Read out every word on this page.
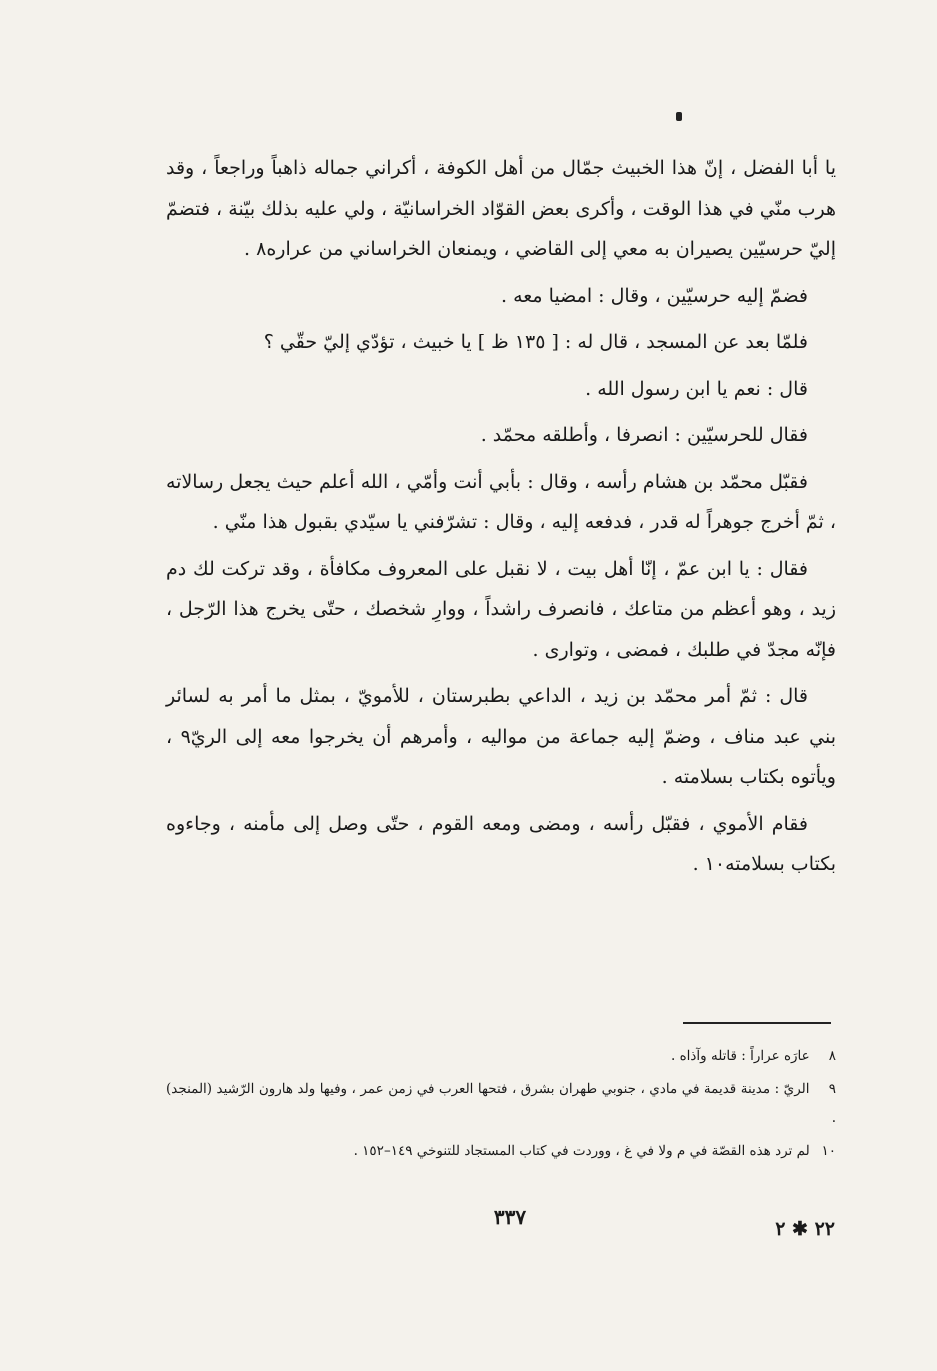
يا أبا الفضل ، إنّ هذا الخبيث جمّال من أهل الكوفة ، أكراني جماله ذاهباً وراجعاً ، وقد هرب منّي في هذا الوقت ، وأكرى بعض القوّاد الخراسانيّة ، ولي عليه بذلك بيّنة ، فتضمّ إليّ حرسيّين يصيران به معي إلى القاضي ، ويمنعان الخراساني من عراره٨ .

فضمّ إليه حرسيّين ، وقال : امضيا معه .

فلمّا بعد عن المسجد ، قال له : [ ١٣٥ ظ ] يا خبيث ، تؤدّي إليّ حقّي ؟

قال : نعم يا ابن رسول الله .

فقال للحرسيّين : انصرفا ، وأطلقه محمّد .

فقبّل محمّد بن هشام رأسه ، وقال : بأبي أنت وأمّي ، الله أعلم حيث يجعل رسالاته ، ثمّ أخرج جوهراً له قدر ، فدفعه إليه ، وقال : تشرّفني يا سيّدي بقبول هذا منّي .

فقال : يا ابن عمّ ، إنّا أهل بيت ، لا نقبل على المعروف مكافأة ، وقد تركت لك دم زيد ، وهو أعظم من متاعك ، فانصرف راشداً ، ووارِ شخصك ، حتّى يخرج هذا الرّجل ، فإنّه مجدّ في طلبك ، فمضى ، وتوارى .

قال : ثمّ أمر محمّد بن زيد ، الداعي بطبرستان ، للأمويّ ، بمثل ما أمر به لسائر بني عبد مناف ، وضمّ إليه جماعة من مواليه ، وأمرهم أن يخرجوا معه إلى الريّ٩ ، ويأتوه بكتاب بسلامته .

فقام الأموي ، فقبّل رأسه ، ومضى ومعه القوم ، حتّى وصل إلى مأمنه ، وجاءوه بكتاب بسلامته١٠ .

٨ عارَه عراراً : قاتله وآذاه .
٩ الريّ : مدينة قديمة في مادي ، جنوبي طهران بشرق ، فتحها العرب في زمن عمر ، وفيها ولد هارون الرّشيد (المنجد) .
١٠ لم ترد هذه القصّة في م ولا في غ ، ووردت في كتاب المستجاد للتنوخي ١٤٩–١٥٢ .
٣٣٧	٢٢ ✱ ٢
